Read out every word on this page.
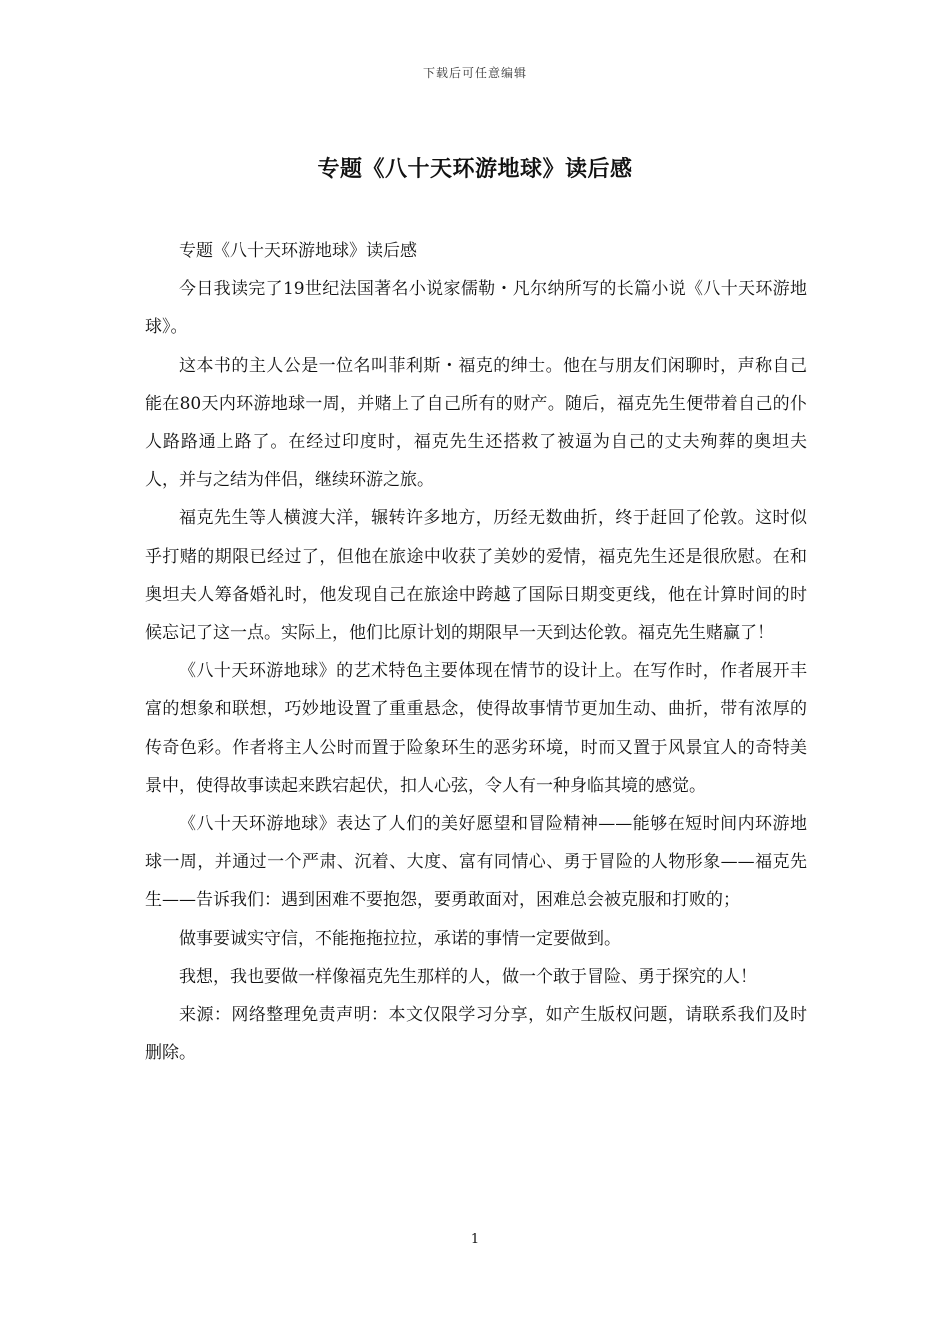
下载后可任意编辑
专题《八十天环游地球》读后感

专题《八十天环游地球》读后感

今日我读完了19世纪法国著名小说家儒勒・凡尔纳所写的长篇小说《八十天环游地球》。

这本书的主人公是一位名叫菲利斯・福克的绅士。他在与朋友们闲聊时，声称自己能在80天内环游地球一周，并赌上了自己所有的财产。随后，福克先生便带着自己的仆人路路通上路了。在经过印度时，福克先生还搭救了被逼为自己的丈夫殉葬的奥坦夫人，并与之结为伴侣，继续环游之旅。

福克先生等人横渡大洋，辗转许多地方，历经无数曲折，终于赶回了伦敦。这时似乎打赌的期限已经过了，但他在旅途中收获了美妙的爱情，福克先生还是很欣慰。在和奥坦夫人筹备婚礼时，他发现自己在旅途中跨越了国际日期变更线，他在计算时间的时候忘记了这一点。实际上，他们比原计划的期限早一天到达伦敦。福克先生赌赢了！

《八十天环游地球》的艺术特色主要体现在情节的设计上。在写作时，作者展开丰富的想象和联想，巧妙地设置了重重悬念，使得故事情节更加生动、曲折，带有浓厚的传奇色彩。作者将主人公时而置于险象环生的恶劣环境，时而又置于风景宜人的奇特美景中，使得故事读起来跌宕起伏，扣人心弦，令人有一种身临其境的感觉。

《八十天环游地球》表达了人们的美好愿望和冒险精神——能够在短时间内环游地球一周，并通过一个严肃、沉着、大度、富有同情心、勇于冒险的人物形象——福克先生——告诉我们：遇到困难不要抱怨，要勇敢面对，困难总会被克服和打败的；

做事要诚实守信，不能拖拖拉拉，承诺的事情一定要做到。

我想，我也要做一样像福克先生那样的人，做一个敢于冒险、勇于探究的人！

来源：网络整理免责声明：本文仅限学习分享，如产生版权问题，请联系我们及时删除。

1
